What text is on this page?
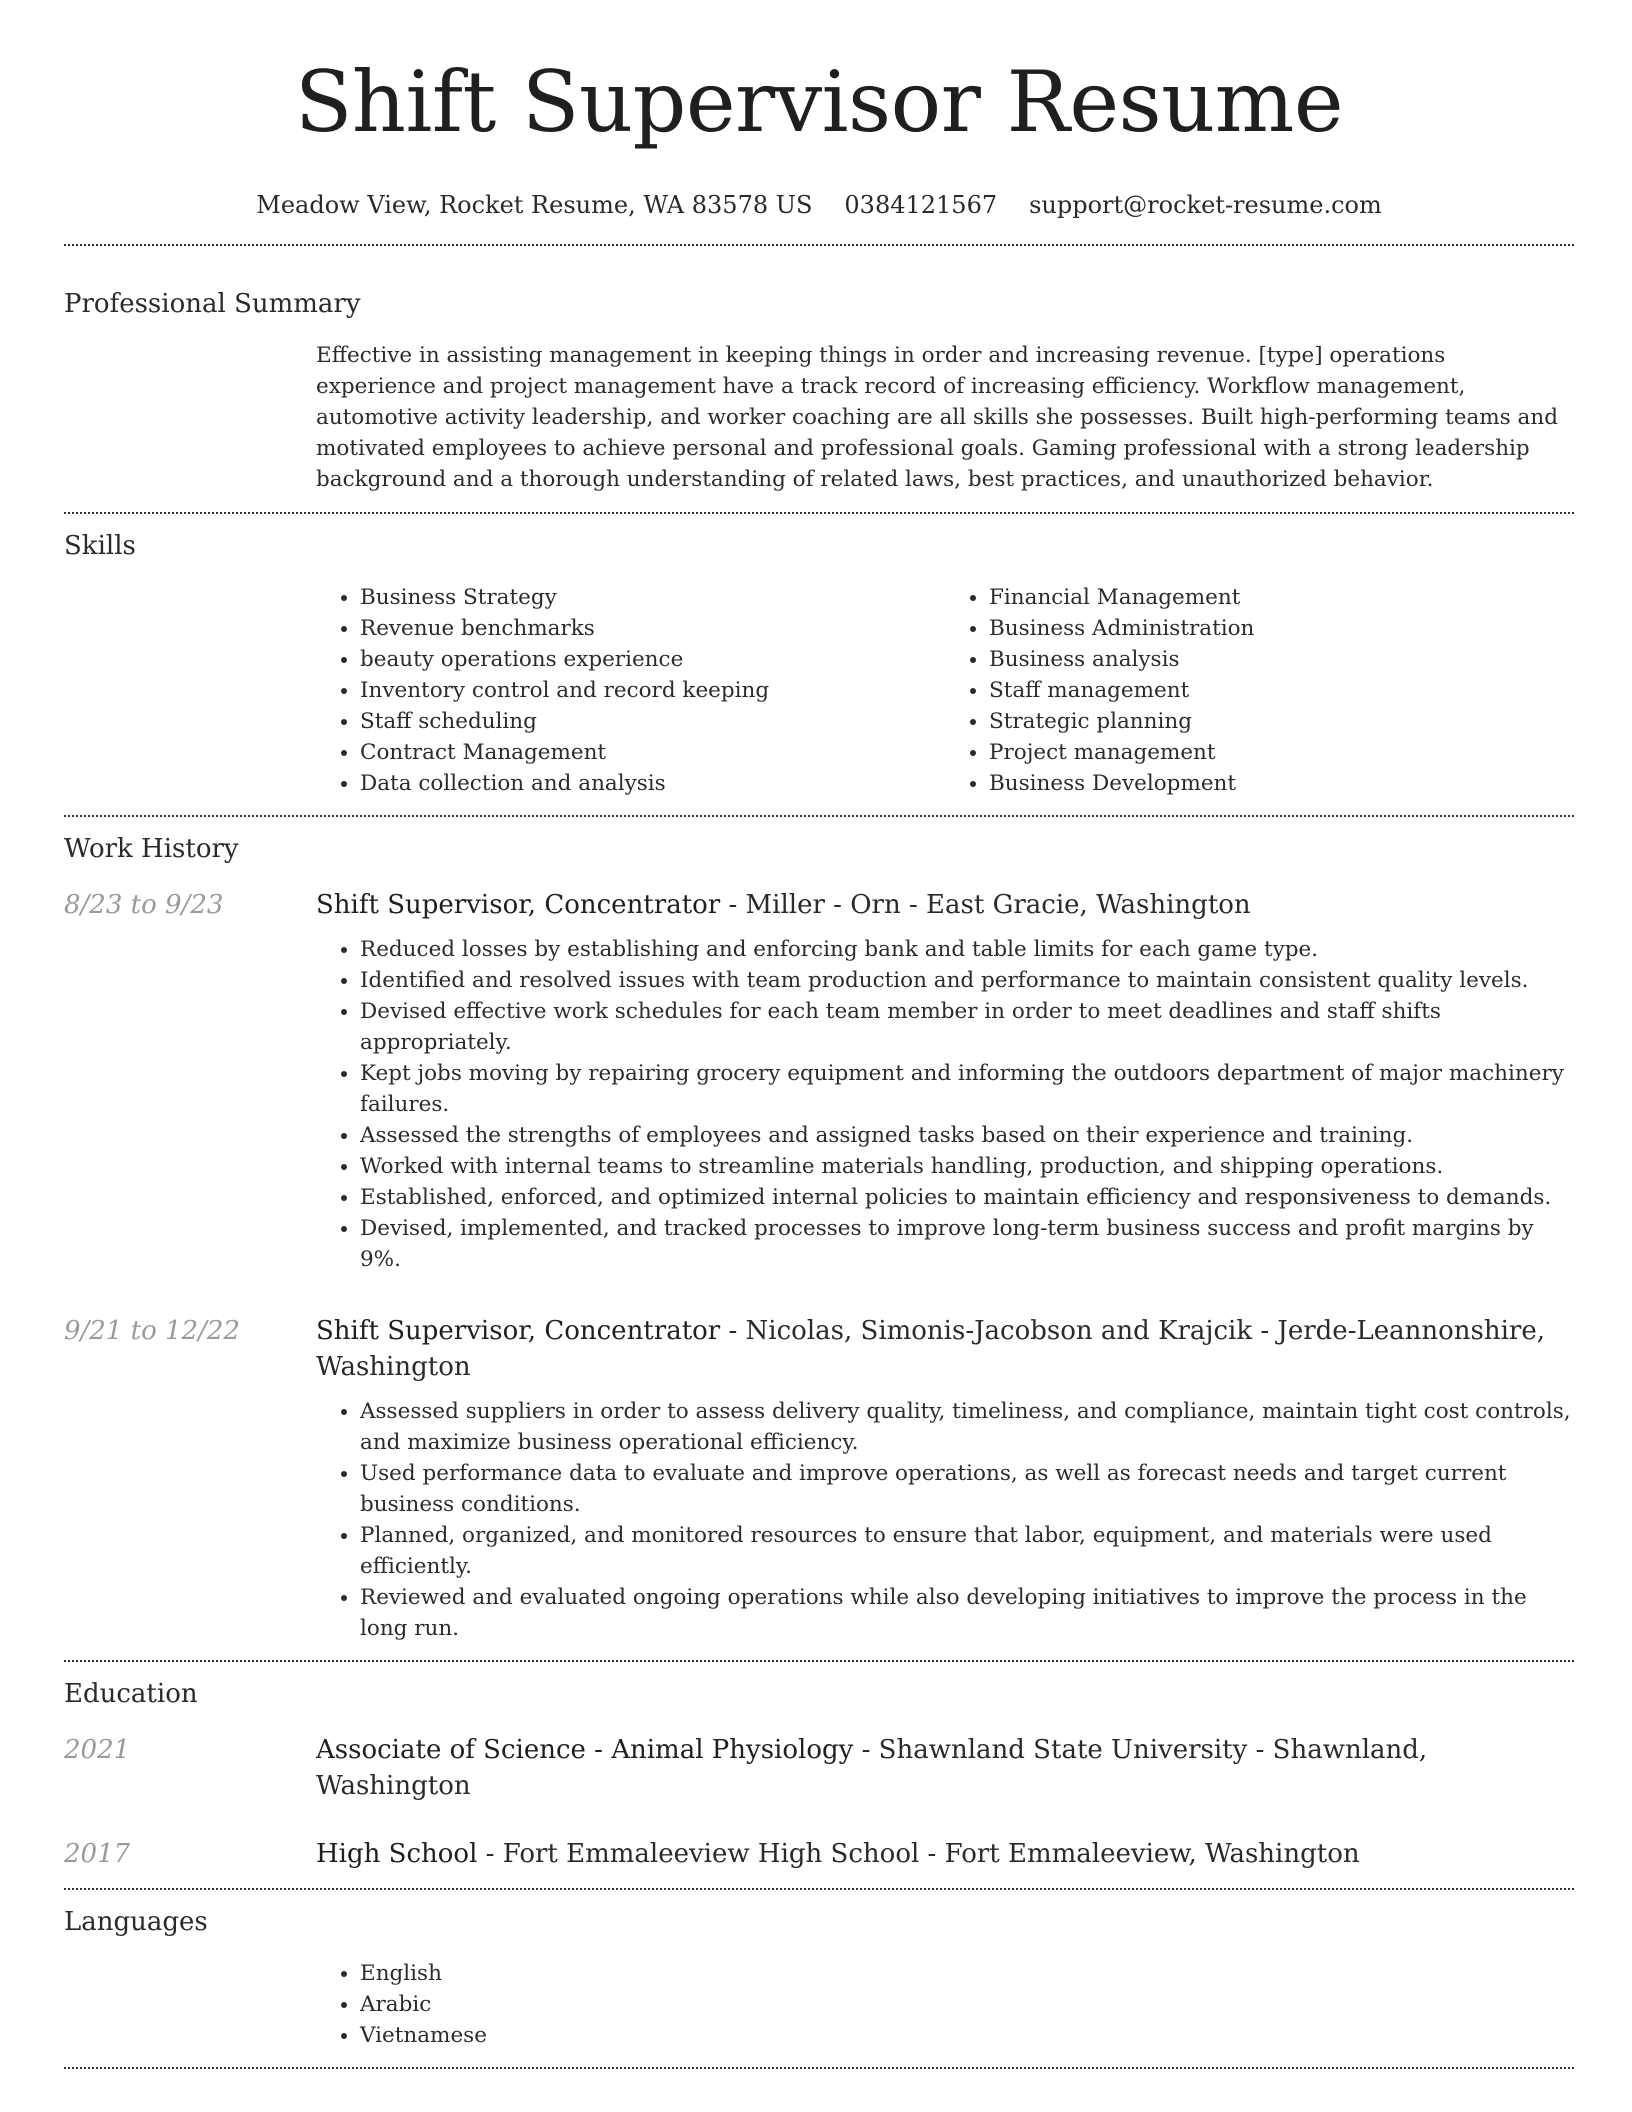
Shift Supervisor Resume
Meadow View, Rocket Resume, WA 83578 US 0384121567 support@rocket-resume.com
Professional Summary
Effective in assisting management in keeping things in order and increasing revenue. [type] operations experience and project management have a track record of increasing efficiency. Workflow management, automotive activity leadership, and worker coaching are all skills she possesses. Built high-performing teams and motivated employees to achieve personal and professional goals. Gaming professional with a strong leadership background and a thorough understanding of related laws, best practices, and unauthorized behavior.
Skills
• Business Strategy
• Revenue benchmarks
• beauty operations experience
• Inventory control and record keeping
• Staff scheduling
• Contract Management
• Data collection and analysis
• Financial Management
• Business Administration
• Business analysis
• Staff management
• Strategic planning
• Project management
• Business Development
Work History
8/23 to 9/23	Shift Supervisor, Concentrator - Miller - Orn - East Gracie, Washington
• Reduced losses by establishing and enforcing bank and table limits for each game type.
• Identified and resolved issues with team production and performance to maintain consistent quality levels.
• Devised effective work schedules for each team member in order to meet deadlines and staff shifts appropriately.
• Kept jobs moving by repairing grocery equipment and informing the outdoors department of major machinery failures.
• Assessed the strengths of employees and assigned tasks based on their experience and training.
• Worked with internal teams to streamline materials handling, production, and shipping operations.
• Established, enforced, and optimized internal policies to maintain efficiency and responsiveness to demands.
• Devised, implemented, and tracked processes to improve long-term business success and profit margins by 9%.
9/21 to 12/22	Shift Supervisor, Concentrator - Nicolas, Simonis-Jacobson and Krajcik - Jerde-Leannonshire, Washington
• Assessed suppliers in order to assess delivery quality, timeliness, and compliance, maintain tight cost controls, and maximize business operational efficiency.
• Used performance data to evaluate and improve operations, as well as forecast needs and target current business conditions.
• Planned, organized, and monitored resources to ensure that labor, equipment, and materials were used efficiently.
• Reviewed and evaluated ongoing operations while also developing initiatives to improve the process in the long run.
Education
2021	Associate of Science - Animal Physiology - Shawnland State University - Shawnland, Washington
2017	High School - Fort Emmaleeview High School - Fort Emmaleeview, Washington
Languages
• English
• Arabic
• Vietnamese
